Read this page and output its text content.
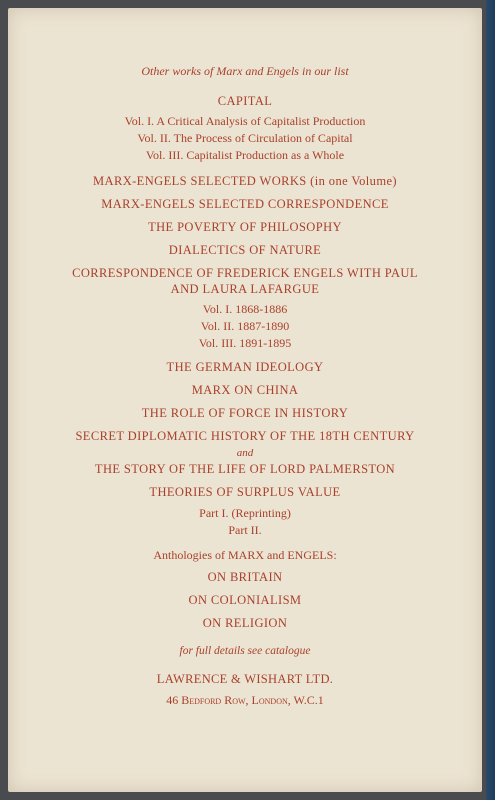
Other works of Marx and Engels in our list
CAPITAL
Vol. I. A Critical Analysis of Capitalist Production
Vol. II. The Process of Circulation of Capital
Vol. III. Capitalist Production as a Whole
MARX-ENGELS SELECTED WORKS (in one Volume)
MARX-ENGELS SELECTED CORRESPONDENCE
THE POVERTY OF PHILOSOPHY
DIALECTICS OF NATURE
CORRESPONDENCE OF FREDERICK ENGELS WITH PAUL
AND LAURA LAFARGUE
Vol. I. 1868-1886
Vol. II. 1887-1890
Vol. III. 1891-1895
THE GERMAN IDEOLOGY
MARX ON CHINA
THE ROLE OF FORCE IN HISTORY
SECRET DIPLOMATIC HISTORY OF THE 18TH CENTURY
and
THE STORY OF THE LIFE OF LORD PALMERSTON
THEORIES OF SURPLUS VALUE
Part I. (Reprinting)
Part II.
Anthologies of MARX and ENGELS:
ON BRITAIN
ON COLONIALISM
ON RELIGION
for full details see catalogue
LAWRENCE & WISHART LTD.
46 Bedford Row, London, W.C.1
